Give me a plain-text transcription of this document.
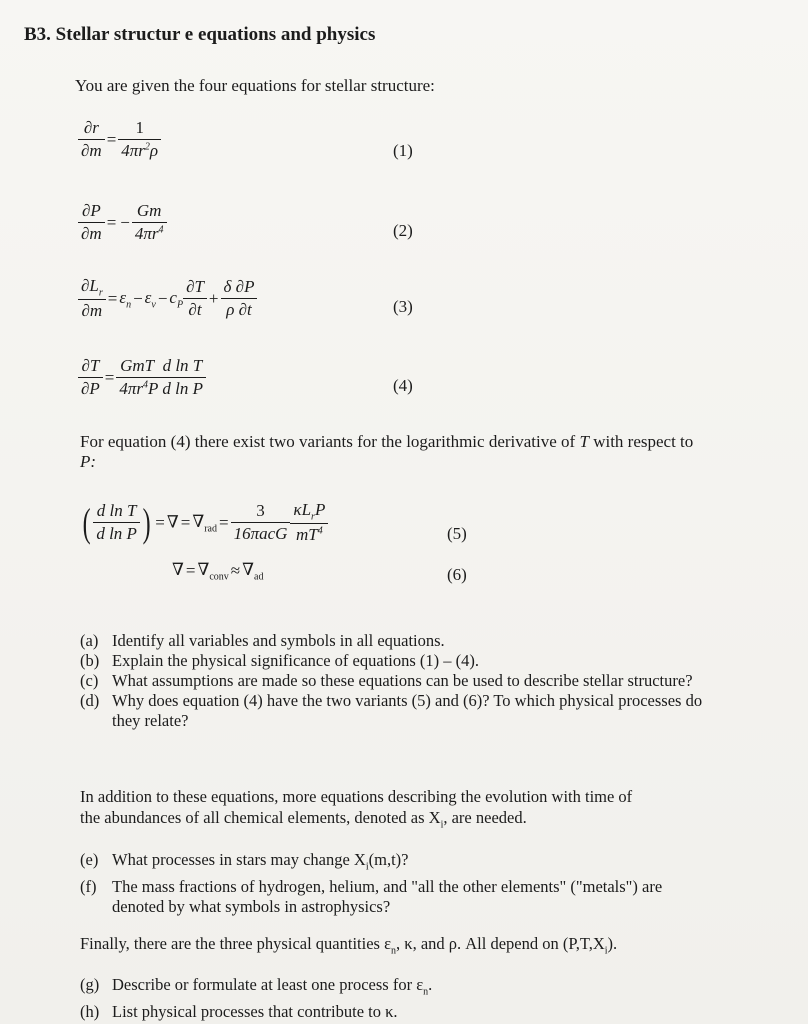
B3. Stellar structur e equations and physics
You are given the four equations for stellar structure:
$\frac{\partial r}{\partial m} = \frac{1}{4\pi r^2\rho}$	(1)
$\frac{\partial P}{\partial m}$ = − $\frac{Gm}{4\pi r^4}$	(2)
$\frac{\partial L_r}{\partial m} = \varepsilon_n - \varepsilon_\nu - c_P \frac{\partial T}{\partial t} + \frac{\delta \partial P}{\rho \partial t}$	(3)
$\frac{\partial T}{\partial P} = \frac{\text{GmT  d ln T}}{4\pi r^4P d \ln P}$	(4)
For equation (4) there exist two variants for the logarithmic derivative of T with respect to
P:
( $\frac{\text{d ln T}}{\text{d ln P}}$ ) = ∇ = $\nabla_{rad} = \frac{3}{\text{16πacG}} \frac{\kappa L_rP}{mT^4}$	(5)
∇ = $\nabla_{conv} \approx \nabla_{ad}$	(6)
(a) Identify all variables and symbols in all equations.
(b) Explain the physical significance of equations (1) – (4).
(c) What assumptions are made so these equations can be used to describe stellar structure?
(d) Why does equation (4) have the two variants (5) and (6)? To which physical processes do they relate?
In addition to these equations, more equations describing the evolution with time of
the abundances of all chemical elements, denoted as $X_i$, are needed.
(e) What processes in stars may change $X_i(m,t)$?
(f) The mass fractions of hydrogen, helium, and "all the other elements" ("metals") are denoted by what symbols in astrophysics?
Finally, there are the three physical quantities $\varepsilon_n$, κ, and ρ. All depend on $(P,T,X_i)$.
(g) Describe or formulate at least one process for $\varepsilon_n$.
(h) List physical processes that contribute to κ.
